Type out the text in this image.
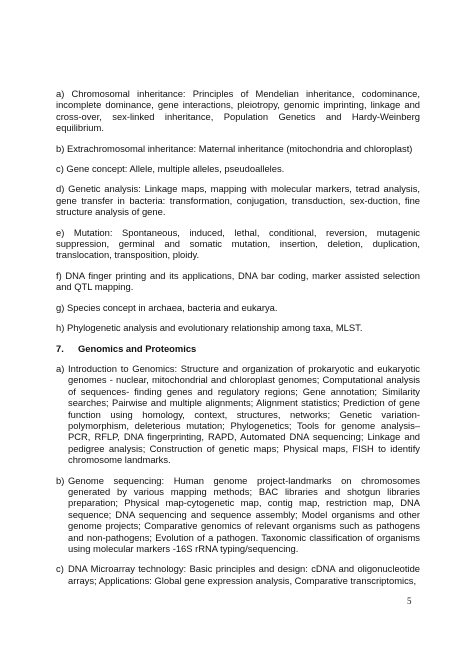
a) Chromosomal inheritance: Principles of Mendelian inheritance, codominance, incomplete dominance, gene interactions, pleiotropy, genomic imprinting, linkage and cross-over, sex-linked inheritance, Population Genetics and Hardy-Weinberg equilibrium.

b) Extrachromosomal inheritance: Maternal inheritance (mitochondria and chloroplast)

c) Gene concept: Allele, multiple alleles, pseudoalleles.

d) Genetic analysis: Linkage maps, mapping with molecular markers, tetrad analysis, gene transfer in bacteria: transformation, conjugation, transduction, sex-duction, fine structure analysis of gene.

e) Mutation: Spontaneous, induced, lethal, conditional, reversion, mutagenic suppression, germinal and somatic mutation, insertion, deletion, duplication, translocation, transposition, ploidy.

f) DNA finger printing and its applications, DNA bar coding, marker assisted selection and QTL mapping.

g) Species concept in archaea, bacteria and eukarya.

h) Phylogenetic analysis and evolutionary relationship among taxa, MLST.

7. Genomics and Proteomics
a) Introduction to Genomics: Structure and organization of prokaryotic and eukaryotic genomes - nuclear, mitochondrial and chloroplast genomes; Computational analysis of sequences- finding genes and regulatory regions; Gene annotation; Similarity searches; Pairwise and multiple alignments; Alignment statistics; Prediction of gene function using homology, context, structures, networks; Genetic variation-polymorphism, deleterious mutation; Phylogenetics; Tools for genome analysis–PCR, RFLP, DNA fingerprinting, RAPD, Automated DNA sequencing; Linkage and pedigree analysis; Construction of genetic maps; Physical maps, FISH to identify chromosome landmarks.
b) Genome sequencing: Human genome project-landmarks on chromosomes generated by various mapping methods; BAC libraries and shotgun libraries preparation; Physical map-cytogenetic map, contig map, restriction map, DNA sequence; DNA sequencing and sequence assembly; Model organisms and other genome projects; Comparative genomics of relevant organisms such as pathogens and non-pathogens; Evolution of a pathogen. Taxonomic classification of organisms using molecular markers -16S rRNA typing/sequencing.
c) DNA Microarray technology: Basic principles and design: cDNA and oligonucleotide arrays; Applications: Global gene expression analysis, Comparative transcriptomics,
5
